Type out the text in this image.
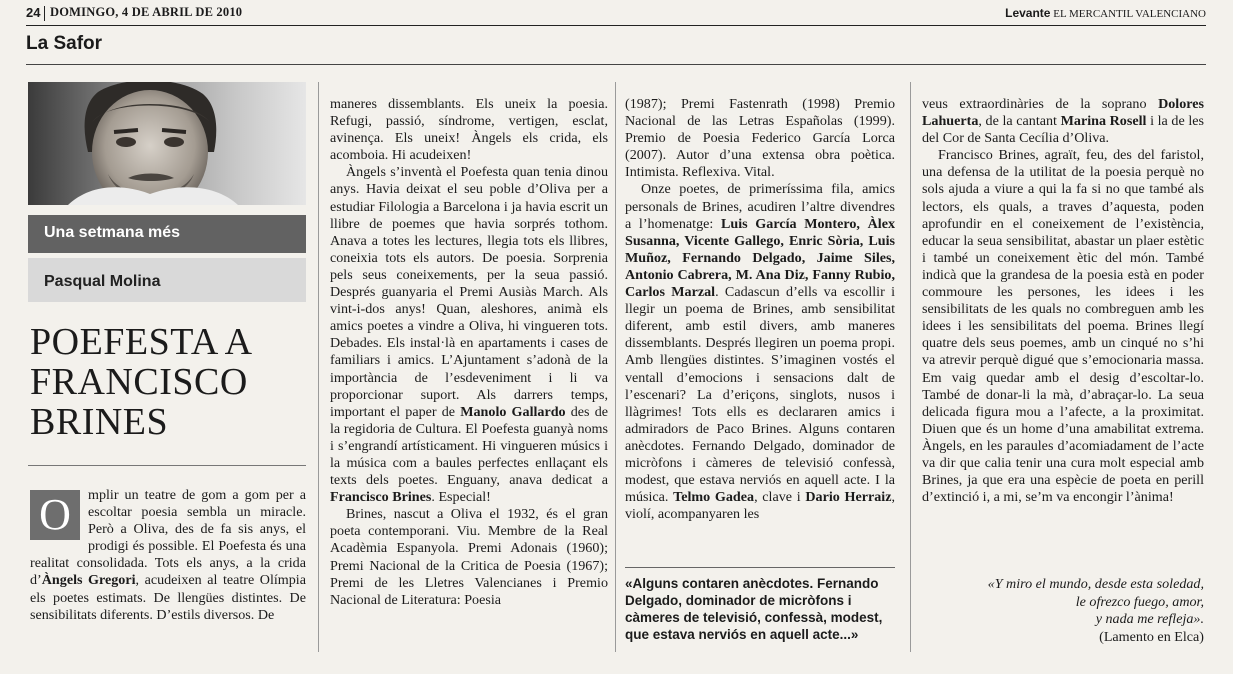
24 DOMINGO, 4 DE ABRIL DE 2010	Levante EL MERCANTIL VALENCIANO
La Safor
Una setmana més
Pasqual Molina
POEFESTA A
FRANCISCO
BRINES

O	mplir un teatre de gom a gom per a escoltar poesia sembla un miracle. Però a Oliva, des de fa sis anys, el prodigi és possible. El Poefesta és una realitat consolidada. Tots els anys, a la crida d’Àngels Gregori, acudeixen al teatre Olímpia els poetes estimats. De llengües distintes. De sensibilitats diferents. D’estils diversos. De

maneres dissemblants. Els uneix la poesia. Refugi, passió, síndrome, vertigen, esclat, avinença. Els uneix! Àngels els crida, els acomboia. Hi acudeixen!

Àngels s’inventà el Poefesta quan tenia dinou anys. Havia deixat el seu poble d’Oliva per a estudiar Filologia a Barcelona i ja havia escrit un llibre de poemes que havia sorprés tothom. Anava a totes les lectures, llegia tots els llibres, coneixia tots els autors. De poesia. Sorprenia pels seus coneixements, per la seua passió. Després guanyaria el Premi Ausiàs March. Als vint-i-dos anys! Quan, aleshores, animà els amics poetes a vindre a Oliva, hi vingueren tots. Debades. Els instal·là en apartaments i cases de familiars i amics. L’Ajuntament s’adonà de la importància de l’esdeveniment i li va proporcionar suport. Als darrers temps, important el paper de Manolo Gallardo des de la regidoria de Cultura. El Poefesta guanyà noms i s’engrandí artísticament. Hi vingueren músics i la música com a baules perfectes enllaçant els texts dels poetes. Enguany, anava dedicat a Francisco Brines. Especial!

Brines, nascut a Oliva el 1932, és el gran poeta contemporani. Viu. Membre de la Real Acadèmia Espanyola. Premi Adonais (1960); Premi Nacional de la Critica de Poesia (1967); Premi de les Lletres Valencianes i Premio Nacional de Literatura: Poesia

(1987); Premi Fastenrath (1998) Premio Nacional de las Letras Españolas (1999). Premio de Poesia Federico García Lorca (2007). Autor d’una extensa obra poètica. Intimista. Reflexiva. Vital.

Onze poetes, de primeríssima fila, amics personals de Brines, acudiren l’altre divendres a l’homenatge: Luis García Montero, Àlex Susanna, Vicente Gallego, Enric Sòria, Luis Muñoz, Fernando Delgado, Jaime Siles, Antonio Cabrera, M. Ana Diz, Fanny Rubio, Carlos Marzal. Cadascun d’ells va escollir i llegir un poema de Brines, amb sensibilitat diferent, amb estil divers, amb maneres dissemblants. Després llegiren un poema propi. Amb llengües distintes. S’imaginen vostés el ventall d’emocions i sensacions dalt de l’escenari? La d’eriçons, singlots, nusos i llàgrimes! Tots ells es declararen amics i admiradors de Paco Brines. Alguns contaren anècdotes. Fernando Delgado, dominador de micròfons i càmeres de televisió confessà, modest, que estava nerviós en aquell acte. I la música. Telmo Gadea, clave i Dario Herraiz, violí, acompanyaren les

«Alguns contaren anècdotes. Fernando Delgado, dominador de micròfons i càmeres de televisió, confessà, modest, que estava nerviós en aquell acte...»

veus extraordinàries de la soprano Dolores Lahuerta, de la cantant Marina Rosell i la de les del Cor de Santa Cecília d’Oliva.

Francisco Brines, agraït, feu, des del faristol, una defensa de la utilitat de la poesia perquè no sols ajuda a viure a qui la fa si no que també als lectors, els quals, a traves d’aquesta, poden aprofundir en el coneixement de l’existència, educar la seua sensibilitat, abastar un plaer estètic i també un coneixement ètic del món. També indicà que la grandesa de la poesia està en poder commoure les persones, les idees i les sensibilitats de les quals no combreguen amb les idees i les sensibilitats del poema. Brines llegí quatre dels seus poemes, amb un cinqué no s’hi va atrevir perquè digué que s’emocionaria massa. Em vaig quedar amb el desig d’escoltar-lo. També de donar-li la mà, d’abraçar-lo. La seua delicada figura mou a l’afecte, a la proximitat. Diuen que és un home d’una amabilitat extrema. Àngels, en les paraules d’acomiadament de l’acte va dir que calia tenir una cura molt especial amb Brines, ja que era una espècie de poeta en perill d’extinció i, a mi, se’m va encongir l’ànima!

«Y miro el mundo, desde esta soledad,
le ofrezco fuego, amor,
y nada me refleja».
(Lamento en Elca)
